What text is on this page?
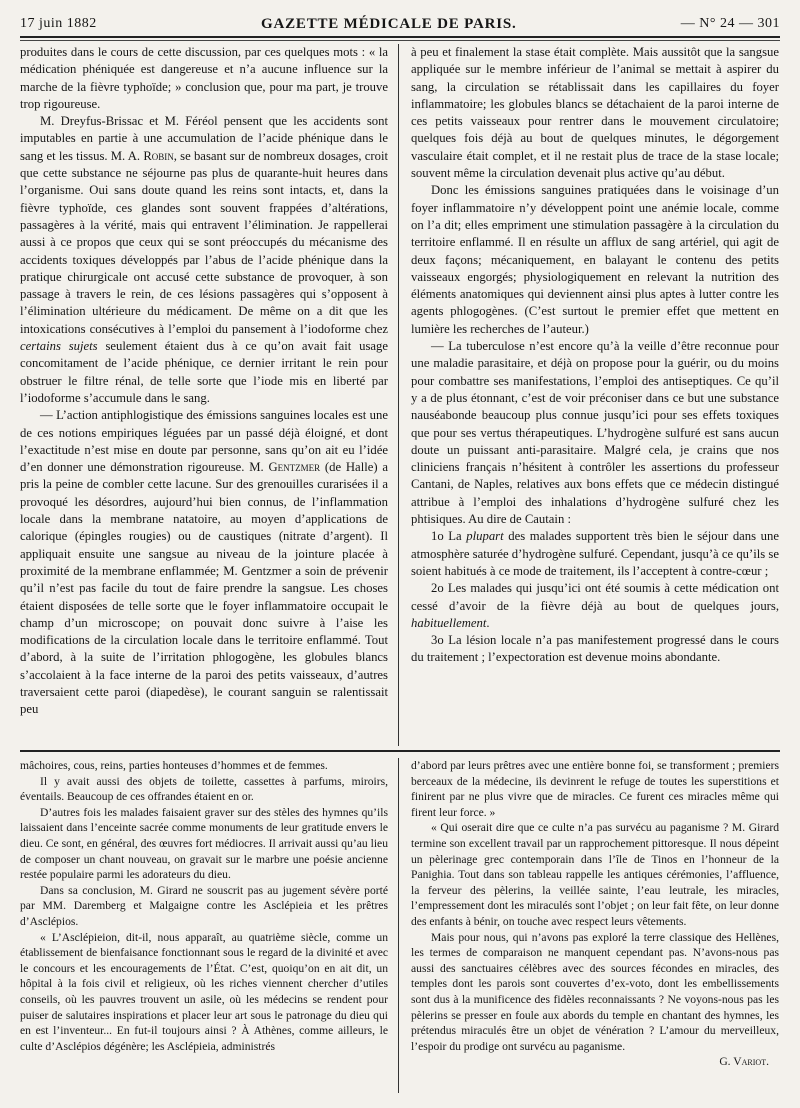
17 juin 1882	GAZETTE MÉDICALE DE PARIS.	— N° 24 — 301

produites dans le cours de cette discussion, par ces quelques mots : « la médication phéniquée est dangereuse et n’a aucune influence sur la marche de la fièvre typhoïde; » conclusion que, pour ma part, je trouve trop rigoureuse.

M. Dreyfus-Brissac et M. Féréol pensent que les accidents sont imputables en partie à une accumulation de l’acide phénique dans le sang et les tissus. M. A. Robin, se basant sur de nombreux dosages, croit que cette substance ne séjourne pas plus de quarante-huit heures dans l’organisme. Oui sans doute quand les reins sont intacts, et, dans la fièvre typhoïde, ces glandes sont souvent frappées d’altérations, passagères à la vérité, mais qui entravent l’élimination. Je rappellerai aussi à ce propos que ceux qui se sont préoccupés du mécanisme des accidents toxiques développés par l’abus de l’acide phénique dans la pratique chirurgicale ont accusé cette substance de provoquer, à son passage à travers le rein, de ces lésions passagères qui s’opposent à l’élimination ultérieure du médicament. De même on a dit que les intoxications consécutives à l’emploi du pansement à l’iodoforme chez certains sujets seulement étaient dus à ce qu’on avait fait usage concomitament de l’acide phénique, ce dernier irritant le rein pour obstruer le filtre rénal, de telle sorte que l’iode mis en liberté par l’iodoforme s’accumule dans le sang.

— L’action antiphlogistique des émissions sanguines locales est une de ces notions empiriques léguées par un passé déjà éloigné, et dont l’exactitude n’est mise en doute par personne, sans qu’on ait eu l’idée d’en donner une démonstration rigoureuse. M. Gentzmer (de Halle) a pris la peine de combler cette lacune. Sur des grenouilles curarisées il a provoqué les désordres, aujourd’hui bien connus, de l’inflammation locale dans la membrane natatoire, au moyen d’applications de calorique (épingles rougies) ou de caustiques (nitrate d’argent). Il appliquait ensuite une sangsue au niveau de la jointure placée à proximité de la membrane enflammée; M. Gentzmer a soin de prévenir qu’il n’est pas facile du tout de faire prendre la sangsue. Les choses étaient disposées de telle sorte que le foyer inflammatoire occupait le champ d’un microscope; on pouvait donc suivre à l’aise les modifications de la circulation locale dans le territoire enflammé. Tout d’abord, à la suite de l’irritation phlogogène, les globules blancs s’accolaient à la face interne de la paroi des petits vaisseaux, d’autres traversaient cette paroi (diapedèse), le courant sanguin se ralentissait peu

à peu et finalement la stase était complète. Mais aussitôt que la sangsue appliquée sur le membre inférieur de l’animal se mettait à aspirer du sang, la circulation se rétablissait dans les capillaires du foyer inflammatoire; les globules blancs se détachaient de la paroi interne de ces petits vaisseaux pour rentrer dans le mouvement circulatoire; quelques fois déjà au bout de quelques minutes, le dégorgement vasculaire était complet, et il ne restait plus de trace de la stase locale; souvent même la circulation devenait plus active qu’au début.

Donc les émissions sanguines pratiquées dans le voisinage d’un foyer inflammatoire n’y développent point une anémie locale, comme on l’a dit; elles empriment une stimulation passagère à la circulation du territoire enflammé. Il en résulte un afflux de sang artériel, qui agit de deux façons; mécaniquement, en balayant le contenu des petits vaisseaux engorgés; physiologiquement en relevant la nutrition des éléments anatomiques qui deviennent ainsi plus aptes à lutter contre les agents phlogogènes. (C’est surtout le premier effet que mettent en lumière les recherches de l’auteur.)

— La tuberculose n’est encore qu’à la veille d’être reconnue pour une maladie parasitaire, et déjà on propose pour la guérir, ou du moins pour combattre ses manifestations, l’emploi des antiseptiques. Ce qu’il y a de plus étonnant, c’est de voir préconiser dans ce but une substance nauséabonde beaucoup plus connue jusqu’ici pour ses effets toxiques que pour ses vertus thérapeutiques. L’hydrogène sulfuré est sans aucun doute un puissant anti-parasitaire. Malgré cela, je crains que nos cliniciens français n’hésitent à contrôler les assertions du professeur Cantani, de Naples, relatives aux bons effets que ce médecin distingué attribue à l’emploi des inhalations d’hydrogène sulfuré chez les phtisiques. Au dire de Cautain :

1o La plupart des malades supportent très bien le séjour dans une atmosphère saturée d’hydrogène sulfuré. Cependant, jusqu’à ce qu’ils se soient habitués à ce mode de traitement, ils l’acceptent à contre-cœur ;

2o Les malades qui jusqu’ici ont été soumis à cette médication ont cessé d’avoir de la fièvre déjà au bout de quelques jours, habituellement.

3o La lésion locale n’a pas manifestement progressé dans le cours du traitement ; l’expectoration est devenue moins abondante.

mâchoires, cous, reins, parties honteuses d’hommes et de femmes.

Il y avait aussi des objets de toilette, cassettes à parfums, miroirs, éventails. Beaucoup de ces offrandes étaient en or.

D’autres fois les malades faisaient graver sur des stèles des hymnes qu’ils laissaient dans l’enceinte sacrée comme monuments de leur gratitude envers le dieu. Ce sont, en général, des œuvres fort médiocres. Il arrivait aussi qu’au lieu de composer un chant nouveau, on gravait sur le marbre une poésie ancienne restée populaire parmi les adorateurs du dieu.

Dans sa conclusion, M. Girard ne souscrit pas au jugement sévère porté par MM. Daremberg et Malgaigne contre les Asclépieia et les prêtres d’Asclépios.

« L’Asclépieion, dit-il, nous apparaît, au quatrième siècle, comme un établissement de bienfaisance fonctionnant sous le regard de la divinité et avec le concours et les encouragements de l’État. C’est, quoiqu’on en ait dit, un hôpital à la fois civil et religieux, où les riches viennent chercher d’utiles conseils, où les pauvres trouvent un asile, où les médecins se rendent pour puiser de salutaires inspirations et placer leur art sous le patronage du dieu qui en est l’inventeur... En fut-il toujours ainsi ? À Athènes, comme ailleurs, le culte d’Asclépios dégénère; les Asclépieia, administrés

d’abord par leurs prêtres avec une entière bonne foi, se transforment ; premiers berceaux de la médecine, ils devinrent le refuge de toutes les superstitions et finirent par ne plus vivre que de miracles. Ce furent ces miracles même qui firent leur force. »

« Qui oserait dire que ce culte n’a pas survécu au paganisme ? M. Girard termine son excellent travail par un rapprochement pittoresque. Il nous dépeint un pèlerinage grec contemporain dans l’île de Tinos en l’honneur de la Panighia. Tout dans son tableau rappelle les antiques cérémonies, l’affluence, la ferveur des pèlerins, la veillée sainte, l’eau leutrale, les miracles, l’empressement dont les miraculés sont l’objet ; on leur fait fête, on leur donne des enfants à bénir, on touche avec respect leurs vêtements.

Mais pour nous, qui n’avons pas exploré la terre classique des Hellènes, les termes de comparaison ne manquent cependant pas. N’avons-nous pas aussi des sanctuaires célèbres avec des sources fécondes en miracles, des temples dont les parois sont couvertes d’ex-voto, dont les embellissements sont dus à la munificence des fidèles reconnaissants ? Ne voyons-nous pas les pèlerins se presser en foule aux abords du temple en chantant des hymnes, les prétendus miraculés être un objet de vénération ? L’amour du merveilleux, l’espoir du prodige ont survécu au paganisme.

G. Variot.
